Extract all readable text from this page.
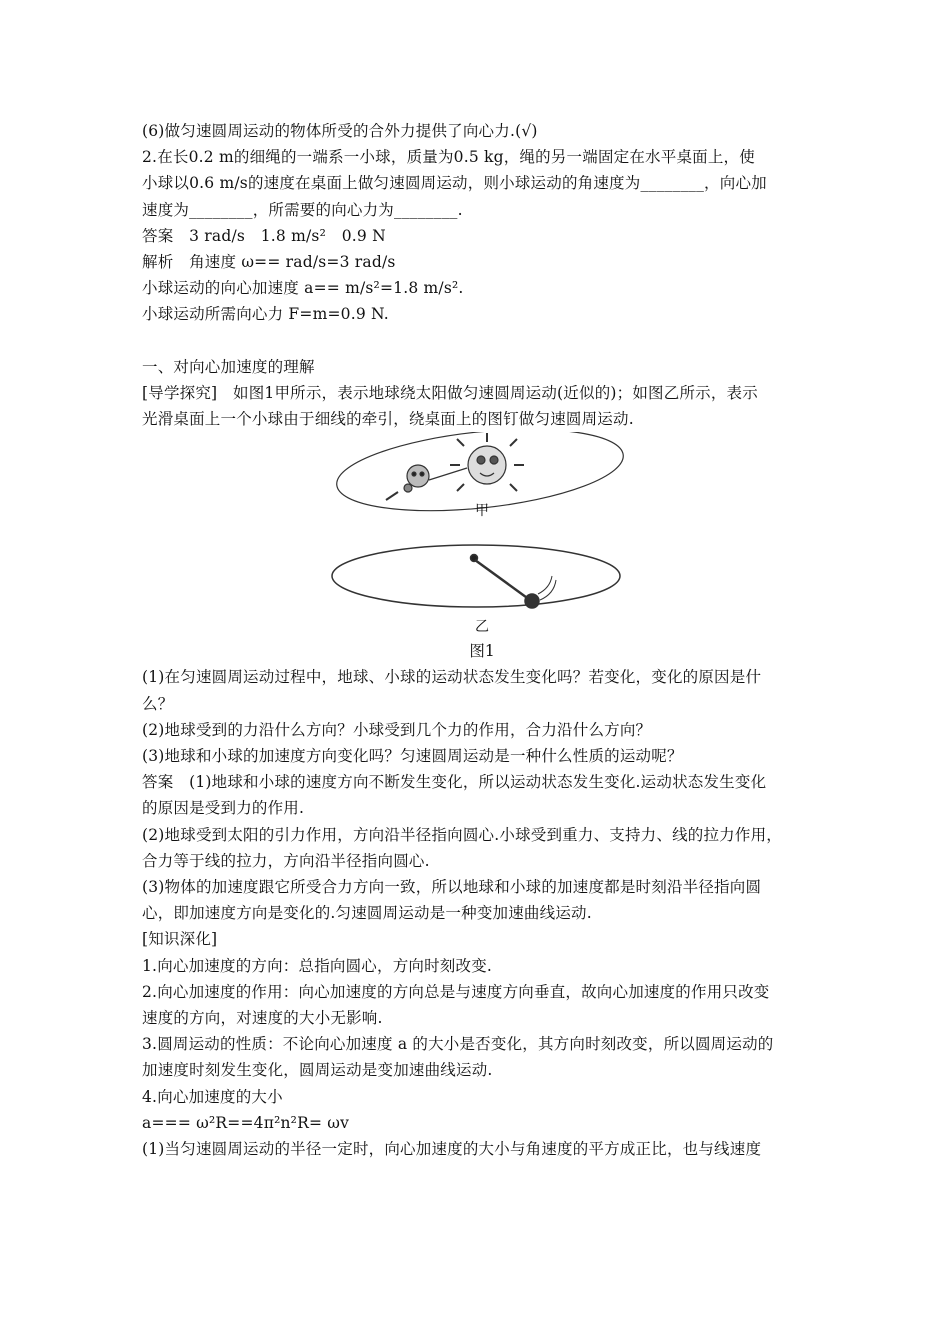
(6)做匀速圆周运动的物体所受的合外力提供了向心力.(√)
2.在长0.2 m的细绳的一端系一小球，质量为0.5 kg，绳的另一端固定在水平桌面上，使
小球以0.6 m/s的速度在桌面上做匀速圆周运动，则小球运动的角速度为________，向心加
速度为________，所需要的向心力为________.
答案　3 rad/s　1.8 m/s²　0.9 N
解析　角速度 ω== rad/s=3 rad/s
小球运动的向心加速度 a== m/s²=1.8 m/s².
小球运动所需向心力 F=m=0.9 N.
一、对向心加速度的理解
[导学探究]　如图1甲所示，表示地球绕太阳做匀速圆周运动(近似的)；如图乙所示，表示
光滑桌面上一个小球由于细线的牵引，绕桌面上的图钉做匀速圆周运动.
甲
乙
图1
(1)在匀速圆周运动过程中，地球、小球的运动状态发生变化吗？若变化，变化的原因是什
么？
(2)地球受到的力沿什么方向？小球受到几个力的作用，合力沿什么方向？
(3)地球和小球的加速度方向变化吗？匀速圆周运动是一种什么性质的运动呢？
答案　(1)地球和小球的速度方向不断发生变化，所以运动状态发生变化.运动状态发生变化
的原因是受到力的作用.
(2)地球受到太阳的引力作用，方向沿半径指向圆心.小球受到重力、支持力、线的拉力作用，
合力等于线的拉力，方向沿半径指向圆心.
(3)物体的加速度跟它所受合力方向一致，所以地球和小球的加速度都是时刻沿半径指向圆
心，即加速度方向是变化的.匀速圆周运动是一种变加速曲线运动.
[知识深化]
1.向心加速度的方向：总指向圆心，方向时刻改变.
2.向心加速度的作用：向心加速度的方向总是与速度方向垂直，故向心加速度的作用只改变
速度的方向，对速度的大小无影响.
3.圆周运动的性质：不论向心加速度 a 的大小是否变化，其方向时刻改变，所以圆周运动的
加速度时刻发生变化，圆周运动是变加速曲线运动.
4.向心加速度的大小
a=== ω²R==4π²n²R= ωv
(1)当匀速圆周运动的半径一定时，向心加速度的大小与角速度的平方成正比，也与线速度
